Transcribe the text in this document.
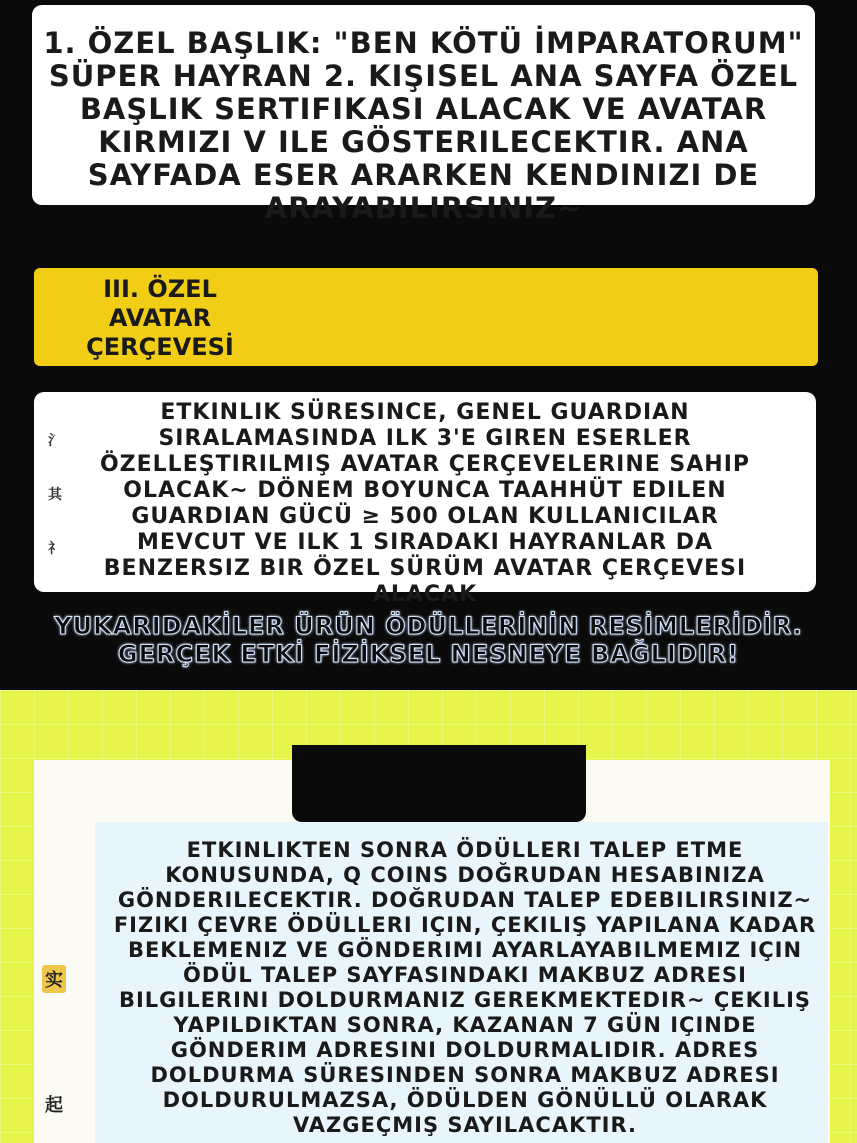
1. ÖZEL BAŞLIK: "BEN KÖTÜ İMPARATORUM" SÜPER HAYRAN 2. KIŞISEL ANA SAYFA ÖZEL BAŞLIK SERTIFIKASI ALACAK VE AVATAR KIRMIZI V ILE GÖSTERILECEKTIR. ANA SAYFADA ESER ARARKEN KENDINIZI DE ARAYABILIRSINIZ~
III. ÖZEL AVATAR ÇERÇEVESİ
ETKINLIK SÜRESINCE, GENEL GUARDIAN SIRALAMASINDA ILK 3'E GIREN ESERLER ÖZELLEŞTIRILMIŞ AVATAR ÇERÇEVELERINE SAHIP OLACAK~ DÖNEM BOYUNCA TAAHHÜT EDILEN GUARDIAN GÜCÜ ≥ 500 OLAN KULLANICILAR MEVCUT VE ILK 1 SIRADAKI HAYRANLAR DA BENZERSIZ BIR ÖZEL SÜRÜM AVATAR ÇERÇEVESI ALACAK
氵
其
礻
YUKARIDAKİLER ÜRÜN ÖDÜLLERİNİN RESİMLERİDİR.
GERÇEK ETKİ FİZİKSEL NESNEYE BAĞLIDIR!
ETKINLIKTEN SONRA ÖDÜLLERI TALEP ETME KONUSUNDA, Q COINS DOĞRUDAN HESABINIZA GÖNDERILECEKTIR. DOĞRUDAN TALEP EDEBILIRSINIZ~ FIZIKI ÇEVRE ÖDÜLLERI IÇIN, ÇEKILIŞ YAPILANA KADAR BEKLEMENIZ VE GÖNDERIMI AYARLAYABILMEMIZ IÇIN ÖDÜL TALEP SAYFASINDAKI MAKBUZ ADRESI BILGILERINI DOLDURMANIZ GEREKMEKTEDIR~ ÇEKILIŞ YAPILDIKTAN SONRA, KAZANAN 7 GÜN IÇINDE GÖNDERIM ADRESINI DOLDURMALIDIR. ADRES DOLDURMA SÜRESINDEN SONRA MAKBUZ ADRESI DOLDURULMAZSA, ÖDÜLDEN GÖNÜLLÜ OLARAK VAZGEÇMIŞ SAYILACAKTIR.
实
起
